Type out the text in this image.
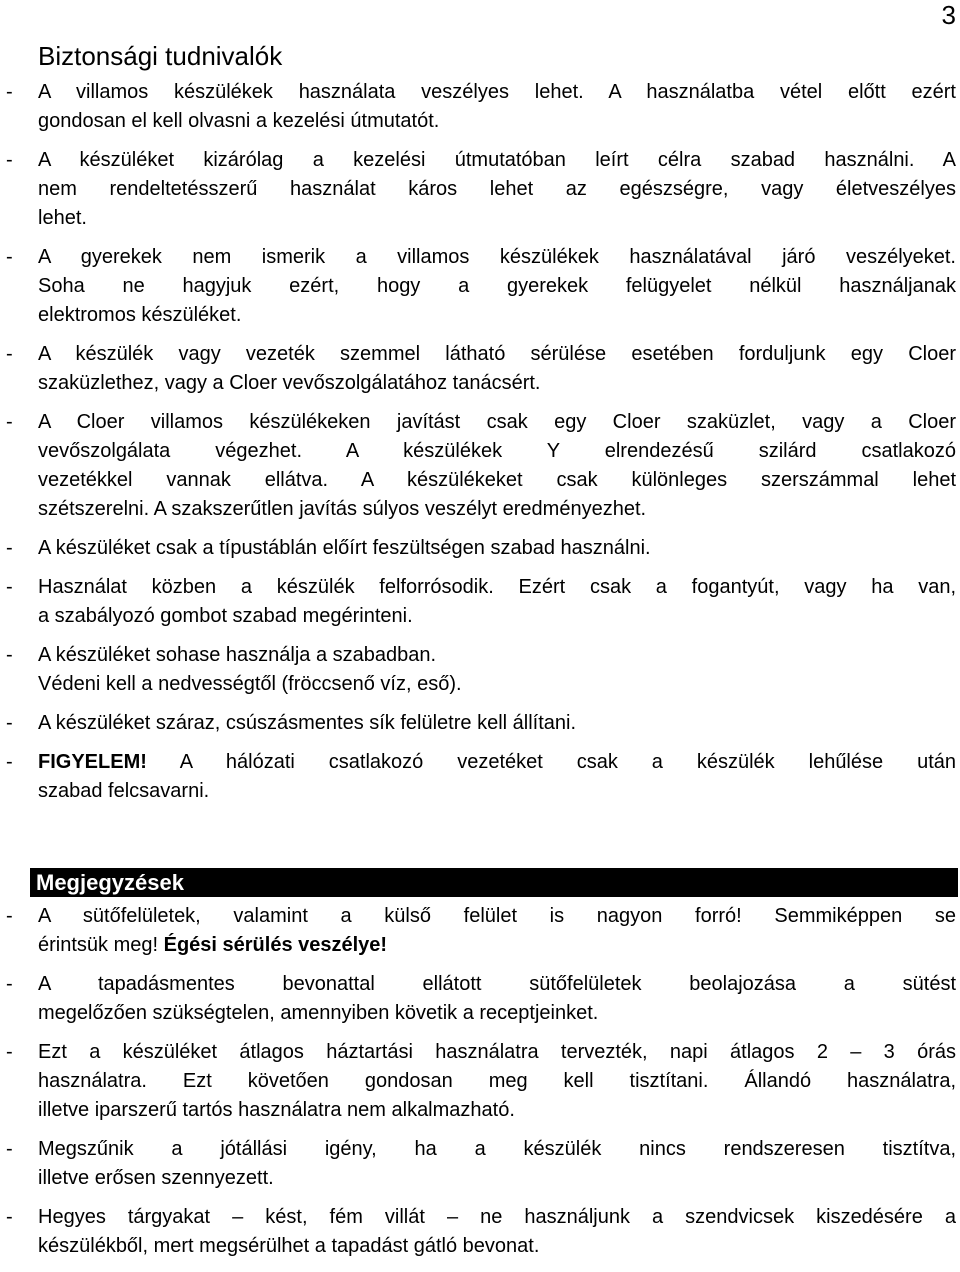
3
Biztonsági tudnivalók
- A villamos készülékek használata veszélyes lehet. A használatba vétel előtt ezért
gondosan el kell olvasni a kezelési útmutatót.
- A készüléket kizárólag a kezelési útmutatóban leírt célra szabad használni. A
nem rendeltetésszerű használat káros lehet az egészségre, vagy életveszélyes
lehet.
- A gyerekek nem ismerik a villamos készülékek használatával járó veszélyeket.
Soha ne hagyjuk ezért, hogy a gyerekek felügyelet nélkül használjanak
elektromos készüléket.
- A készülék vagy vezeték szemmel látható sérülése esetében forduljunk egy Cloer
szaküzlethez, vagy a Cloer vevőszolgálatához tanácsért.
- A Cloer villamos készülékeken javítást csak egy Cloer szaküzlet, vagy a Cloer
vevőszolgálata végezhet. A készülékek Y elrendezésű szilárd csatlakozó
vezetékkel vannak ellátva. A készülékeket csak különleges szerszámmal lehet
szétszerelni. A szakszerűtlen javítás súlyos veszélyt eredményezhet.
- A készüléket csak a típustáblán előírt feszültségen szabad használni.
- Használat közben a készülék felforrósodik. Ezért csak a fogantyút, vagy ha van,
a szabályozó gombot szabad megérinteni.
- A készüléket sohase használja a szabadban.
Védeni kell a nedvességtől (fröccsenő víz, eső).
- A készüléket száraz, csúszásmentes sík felületre kell állítani.
- FIGYELEM! A hálózati csatlakozó vezetéket csak a készülék lehűlése után
szabad felcsavarni.
Megjegyzések
- A sütőfelületek, valamint a külső felület is nagyon forró! Semmiképpen se
érintsük meg! Égési sérülés veszélye!
- A tapadásmentes bevonattal ellátott sütőfelületek beolajozása a sütést
megelőzően szükségtelen, amennyiben követik a receptjeinket.
- Ezt a készüléket átlagos háztartási használatra tervezték, napi átlagos 2 – 3 órás
használatra. Ezt követően gondosan meg kell tisztítani. Állandó használatra,
illetve iparszerű tartós használatra nem alkalmazható.
- Megszűnik a jótállási igény, ha a készülék nincs rendszeresen tisztítva,
illetve erősen szennyezett.
- Hegyes tárgyakat – kést, fém villát – ne használjunk a szendvicsek kiszedésére a
készülékből, mert megsérülhet a tapadást gátló bevonat.
